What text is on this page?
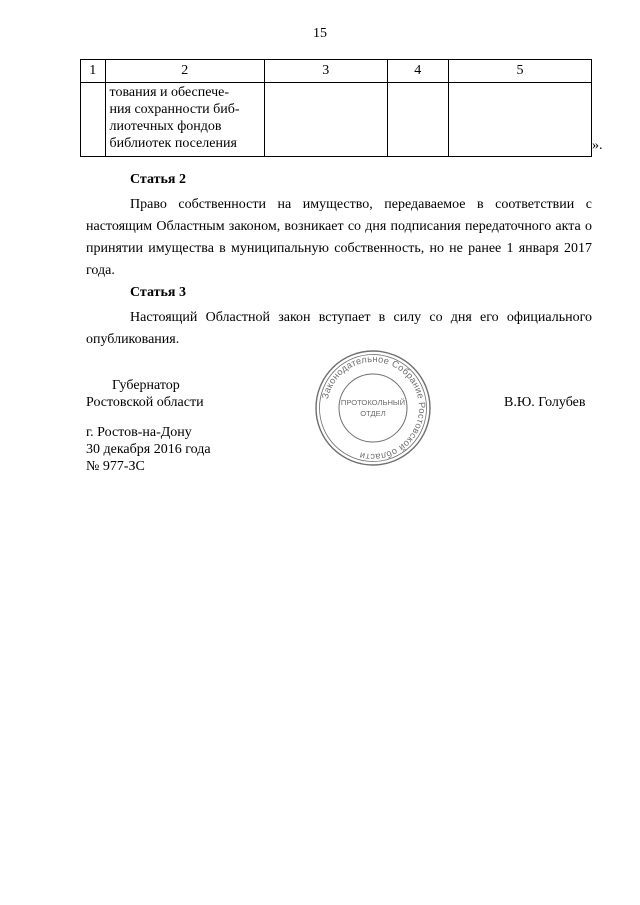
15
1	2	3	4	5
	тования и обеспече-
ния сохранности биб-
лиотечных фондов
библиотек поселения				».
Статья 2
Право собственности на имущество, передаваемое в соответствии с настоящим Областным законом, возникает со дня подписания передаточного акта о принятии имущества в муниципальную собственность, но не ранее 1 января 2017 года.
Статья 3
Настоящий Областной закон вступает в силу со дня его официального опубликования.
Губернатор
Ростовской области	Законодательное Собрание Ростовской области
ПРОТОКОЛЬНЫЙ
ОТДЕЛ
В.Ю. Голубев
г. Ростов-на-Дону
30 декабря 2016 года
№ 977-ЗС
